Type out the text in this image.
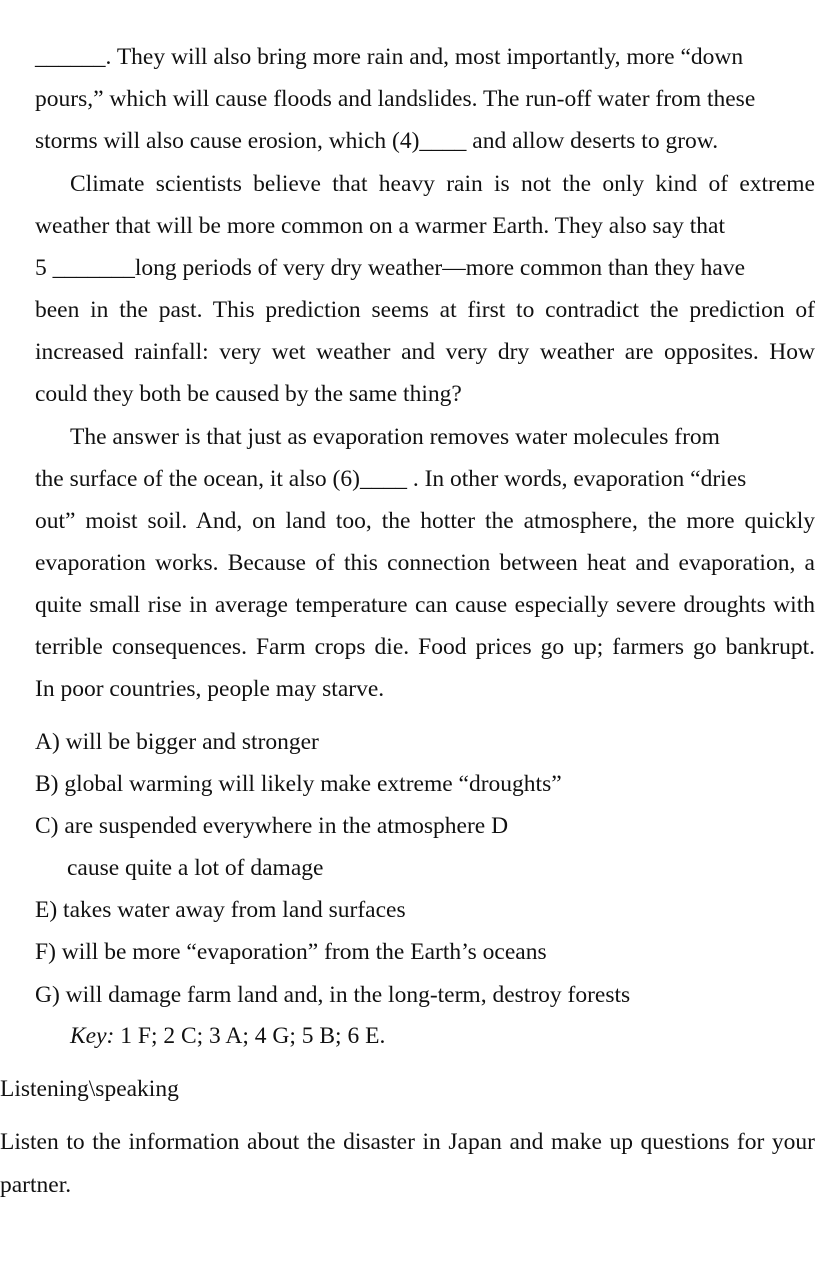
______. They will also bring more rain and, most importantly, more “down
pours,” which will cause floods and landslides. The run-off water from these
storms will also cause erosion, which (4)____ and allow deserts to grow.
Climate scientists believe that heavy rain is not the only kind of extreme
weather that will be more common on a warmer Earth. They also say that
5 _______long periods of very dry weather—more common than they have
been in the past. This prediction seems at first to contradict the prediction of
increased rainfall: very wet weather and very dry weather are opposites. How
could they both be caused by the same thing?
The answer is that just as evaporation removes water molecules from
the surface of the ocean, it also (6)____ . In other words, evaporation “dries
out” moist soil. And, on land too, the hotter the atmosphere, the more quickly
evaporation works. Because of this connection between heat and evaporation, a
quite small rise in average temperature can cause especially severe droughts with
terrible consequences. Farm crops die. Food prices go up; farmers go bankrupt.
In poor countries, people may starve.
A) will be bigger and stronger
B) global warming will likely make extreme “droughts”
C) are suspended everywhere in the atmosphere D
cause quite a lot of damage
E) takes water away from land surfaces
F) will be more “evaporation” from the Earth’s oceans
G) will damage farm land and, in the long-term, destroy forests
Key: 1 F; 2 C; 3 A; 4 G; 5 B; 6 E.
Listening\speaking
Listen to the information about the disaster in Japan and make up questions for your
partner.
